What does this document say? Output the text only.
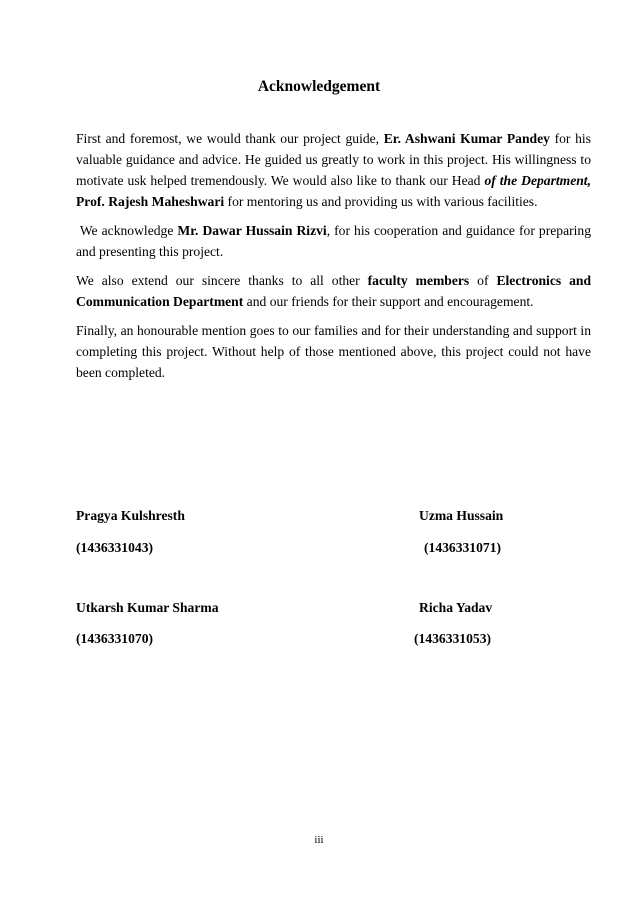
Acknowledgement

First and foremost, we would thank our project guide, Er. Ashwani Kumar Pandey for his valuable guidance and advice. He guided us greatly to work in this project. His willingness to motivate usk helped tremendously. We would also like to thank our Head of the Department, Prof. Rajesh Maheshwari for mentoring us and providing us with various facilities.

We acknowledge Mr. Dawar Hussain Rizvi, for his cooperation and guidance for preparing and presenting this project.

We also extend our sincere thanks to all other faculty members of Electronics and Communication Department and our friends for their support and encouragement.

Finally, an honourable mention goes to our families and for their understanding and support in completing this project. Without help of those mentioned above, this project could not have been completed.

Pragya Kulshresth
(1436331043)
Uzma Hussain
(1436331071)
Utkarsh Kumar Sharma
(1436331070)
Richa Yadav
(1436331053)
iii
